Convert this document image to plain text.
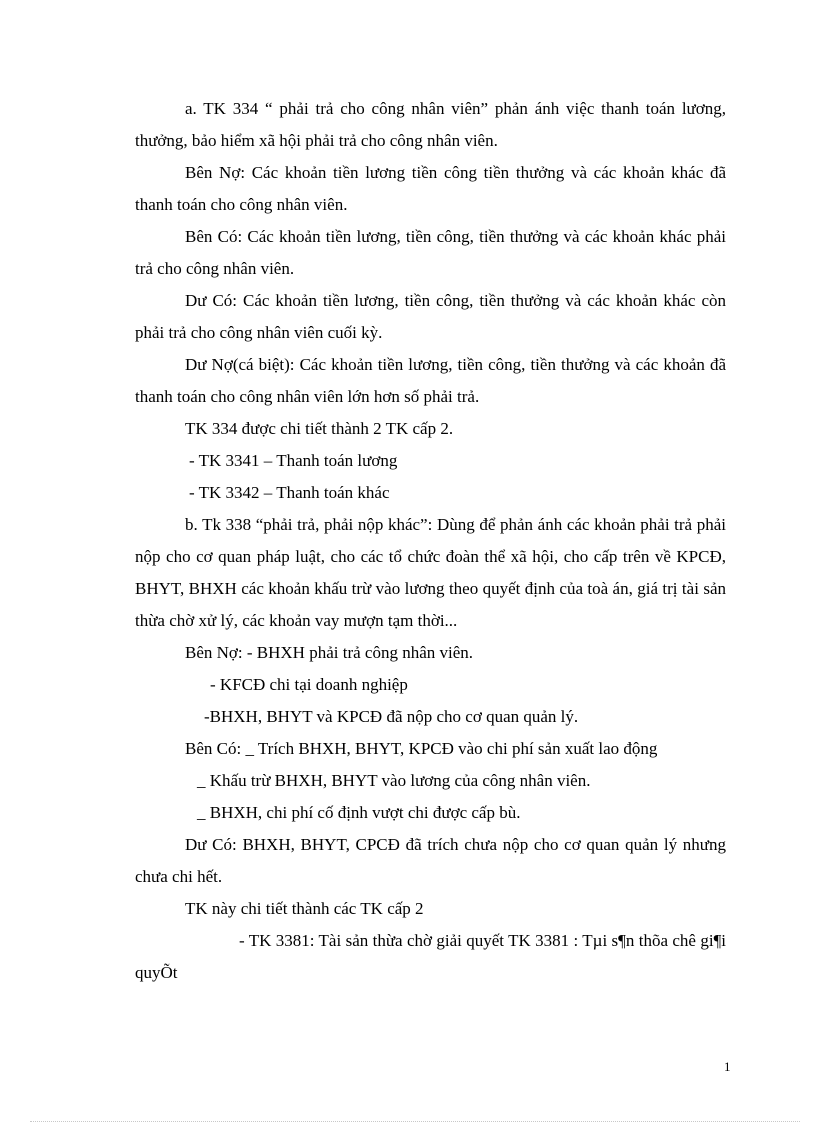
a. TK 334 “ phải trả cho công nhân viên” phản ánh việc thanh toán lương, thưởng, bảo hiểm xã hội phải trả cho công nhân viên.

Bên Nợ: Các khoản tiền lương tiền công tiền thưởng và các khoản khác đã thanh toán cho công nhân viên.

Bên Có: Các khoản tiền lương, tiền công, tiền thưởng và các khoản khác phải trả cho công nhân viên.

Dư Có: Các khoản tiền lương, tiền công, tiền thưởng và các khoản khác còn phải trả cho công nhân viên cuối kỳ.

Dư Nợ(cá biệt): Các khoản tiền lương, tiền công, tiền thưởng và các khoản đã thanh toán cho công nhân viên lớn hơn số phải trả.

TK 334 được chi tiết thành 2 TK cấp 2.

- TK 3341 – Thanh toán lương

- TK 3342 – Thanh toán khác

b. Tk 338 “phải trả, phải nộp khác”: Dùng để phản ánh các khoản phải trả phải nộp cho cơ quan pháp luật, cho các tổ chức đoàn thể xã hội, cho cấp trên về KPCĐ, BHYT, BHXH các khoản khấu trừ vào lương theo quyết định của toà án, giá trị tài sản thừa chờ xử lý, các khoản vay mượn tạm thời...

Bên Nợ: - BHXH phải trả công nhân viên.

- KFCĐ chi tại doanh nghiệp

-BHXH, BHYT và KPCĐ đã nộp cho cơ quan quản lý.

Bên Có: _ Trích BHXH, BHYT, KPCĐ vào chi phí sản xuất lao động

_ Khấu trừ BHXH, BHYT vào lương của công nhân viên.

_ BHXH, chi phí cố định vượt chi được cấp bù.

Dư Có: BHXH, BHYT, CPCĐ đã trích chưa nộp cho cơ quan quản lý nhưng chưa chi hết.

TK này chi tiết thành các TK cấp 2

- TK 3381: Tài sản thừa chờ giải quyết TK 3381 : Tµi s¶n thõa chê gi¶i quyÕt

1
